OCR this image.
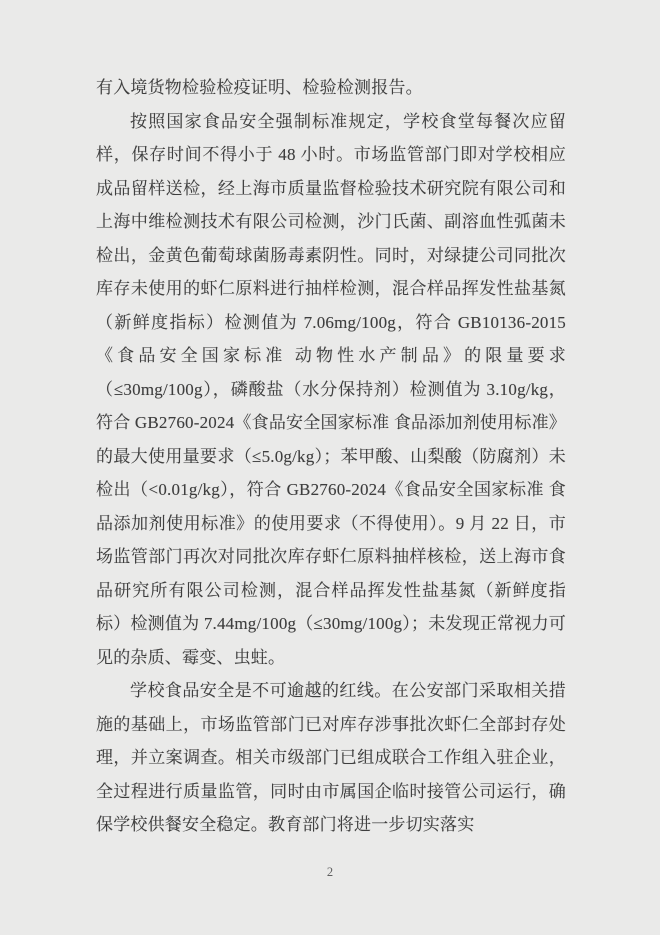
有入境货物检验检疫证明、检验检测报告。

按照国家食品安全强制标准规定，学校食堂每餐次应留样，保存时间不得小于 48 小时。市场监管部门即对学校相应成品留样送检，经上海市质量监督检验技术研究院有限公司和上海中维检测技术有限公司检测，沙门氏菌、副溶血性弧菌未检出，金黄色葡萄球菌肠毒素阴性。同时，对绿捷公司同批次库存未使用的虾仁原料进行抽样检测，混合样品挥发性盐基氮（新鲜度指标）检测值为 7.06mg/100g，符合 GB10136-2015《食品安全国家标准 动物性水产制品》的限量要求（≤30mg/100g），磷酸盐（水分保持剂）检测值为 3.10g/kg，符合 GB2760-2024《食品安全国家标准 食品添加剂使用标准》的最大使用量要求（≤5.0g/kg）；苯甲酸、山梨酸（防腐剂）未检出（<0.01g/kg），符合 GB2760-2024《食品安全国家标准 食品添加剂使用标准》的使用要求（不得使用）。9 月 22 日，市场监管部门再次对同批次库存虾仁原料抽样核检，送上海市食品研究所有限公司检测，混合样品挥发性盐基氮（新鲜度指标）检测值为 7.44mg/100g（≤30mg/100g）；未发现正常视力可见的杂质、霉变、虫蛀。

学校食品安全是不可逾越的红线。在公安部门采取相关措施的基础上，市场监管部门已对库存涉事批次虾仁全部封存处理，并立案调查。相关市级部门已组成联合工作组入驻企业，全过程进行质量监管，同时由市属国企临时接管公司运行，确保学校供餐安全稳定。教育部门将进一步切实落实

2
